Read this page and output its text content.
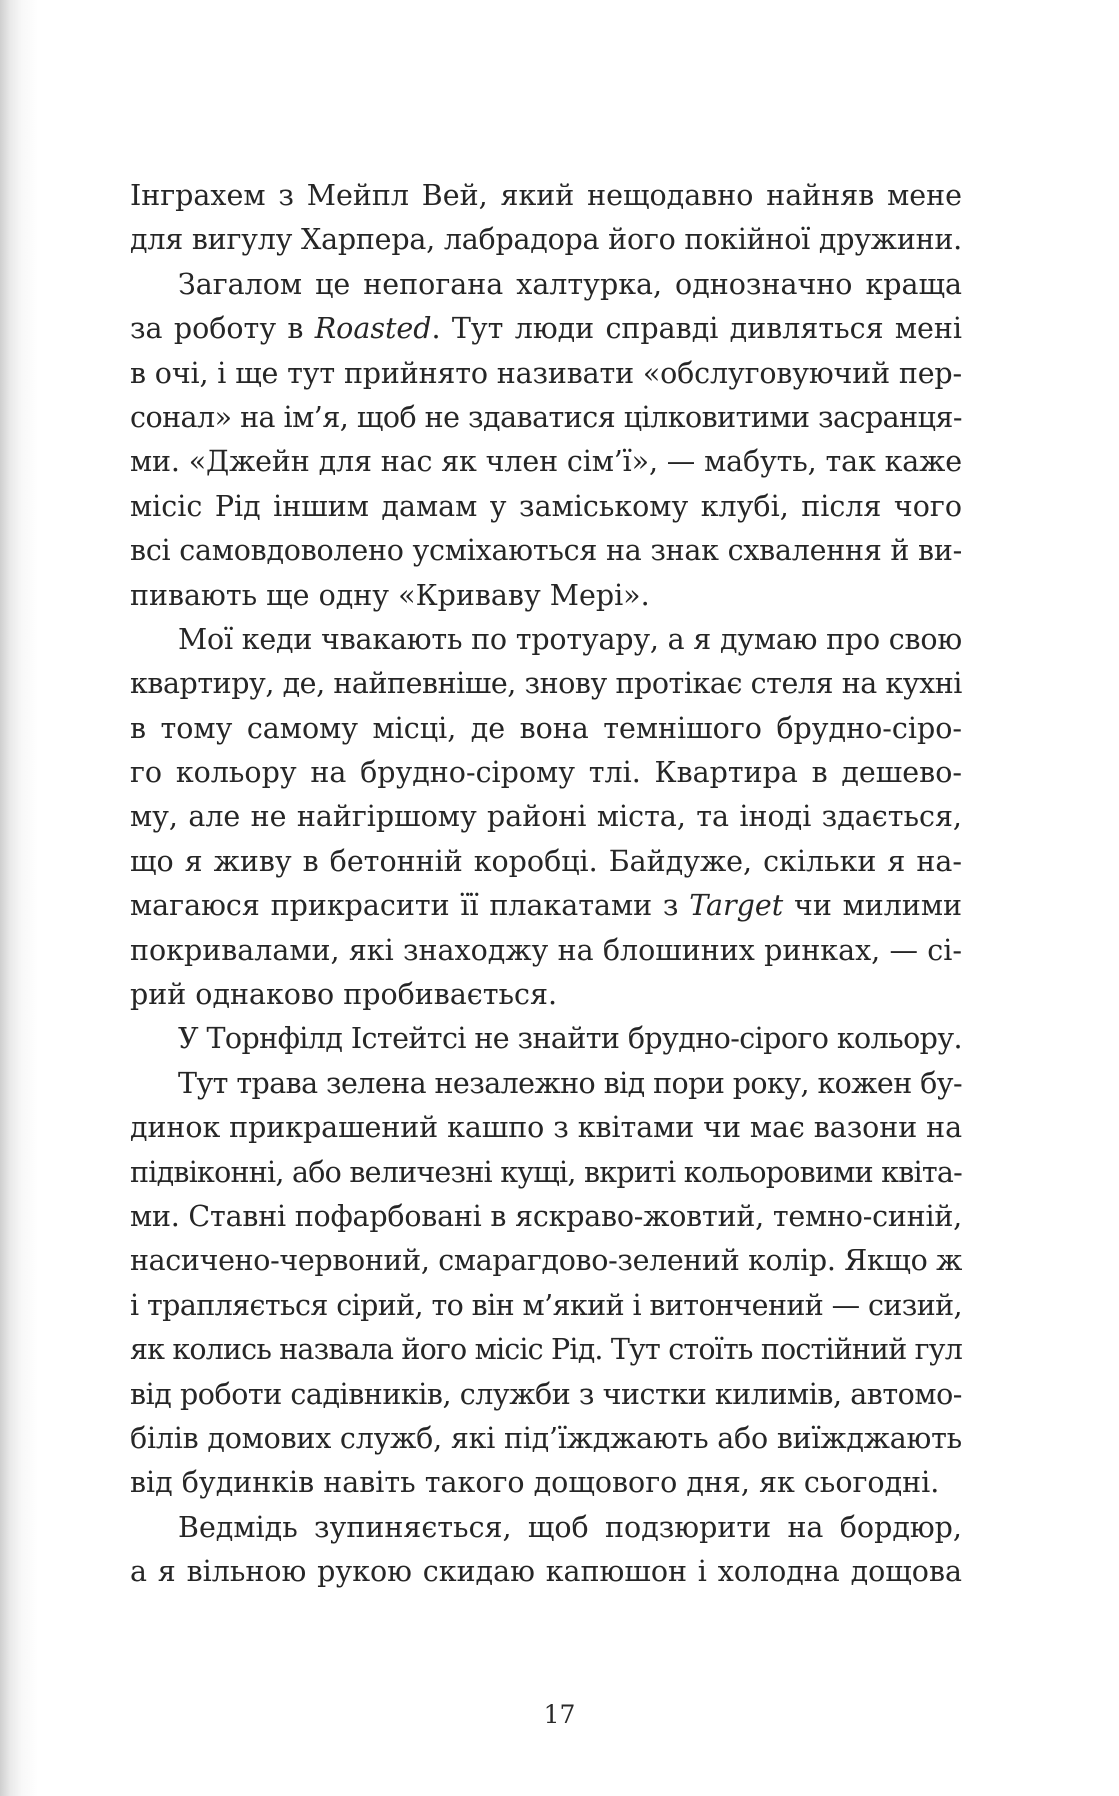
Інграхем з Мейпл Вей, який нещодавно найняв мене
для вигулу Харпера, лабрадора його покійної дружини.
Загалом це непогана халтурка, однозначно краща
за роботу в Roasted. Тут люди справді дивляться мені
в очі, і ще тут прийнято називати «обслуговуючий пер-
сонал» на ім’я, щоб не здаватися цілковитими засранця-
ми. «Джейн для нас як член сім’ї», — мабуть, так каже
місіс Рід іншим дамам у заміському клубі, після чого
всі самовдоволено усміхаються на знак схвалення й ви-
пивають ще одну «Криваву Мері».
Мої кеди чвакають по тротуару, а я думаю про свою
квартиру, де, найпевніше, знову протікає стеля на кухні
в тому самому місці, де вона темнішого брудно-сіро-
го кольору на брудно-сірому тлі. Квартира в дешево-
му, але не найгіршому районі міста, та іноді здається,
що я живу в бетонній коробці. Байдуже, скільки я на-
магаюся прикрасити її плакатами з Target чи милими
покривалами, які знаходжу на блошиних ринках, — сі-
рий однаково пробивається.
У Торнфілд Істейтсі не знайти брудно-сірого кольору.
Тут трава зелена незалежно від пори року, кожен бу-
динок прикрашений кашпо з квітами чи має вазони на
підвіконні, або величезні кущі, вкриті кольоровими квіта-
ми. Ставні пофарбовані в яскраво-жовтий, темно-синій,
насичено-червоний, смарагдово-зелений колір. Якщо ж
і трапляється сірий, то він м’який і витончений — сизий,
як колись назвала його місіс Рід. Тут стоїть постійний гул
від роботи садівників, служби з чистки килимів, автомо-
білів домових служб, які під’їжджають або виїжджають
від будинків навіть такого дощового дня, як сьогодні.
Ведмідь зупиняється, щоб подзюрити на бордюр,
а я вільною рукою скидаю капюшон і холодна дощова
17
